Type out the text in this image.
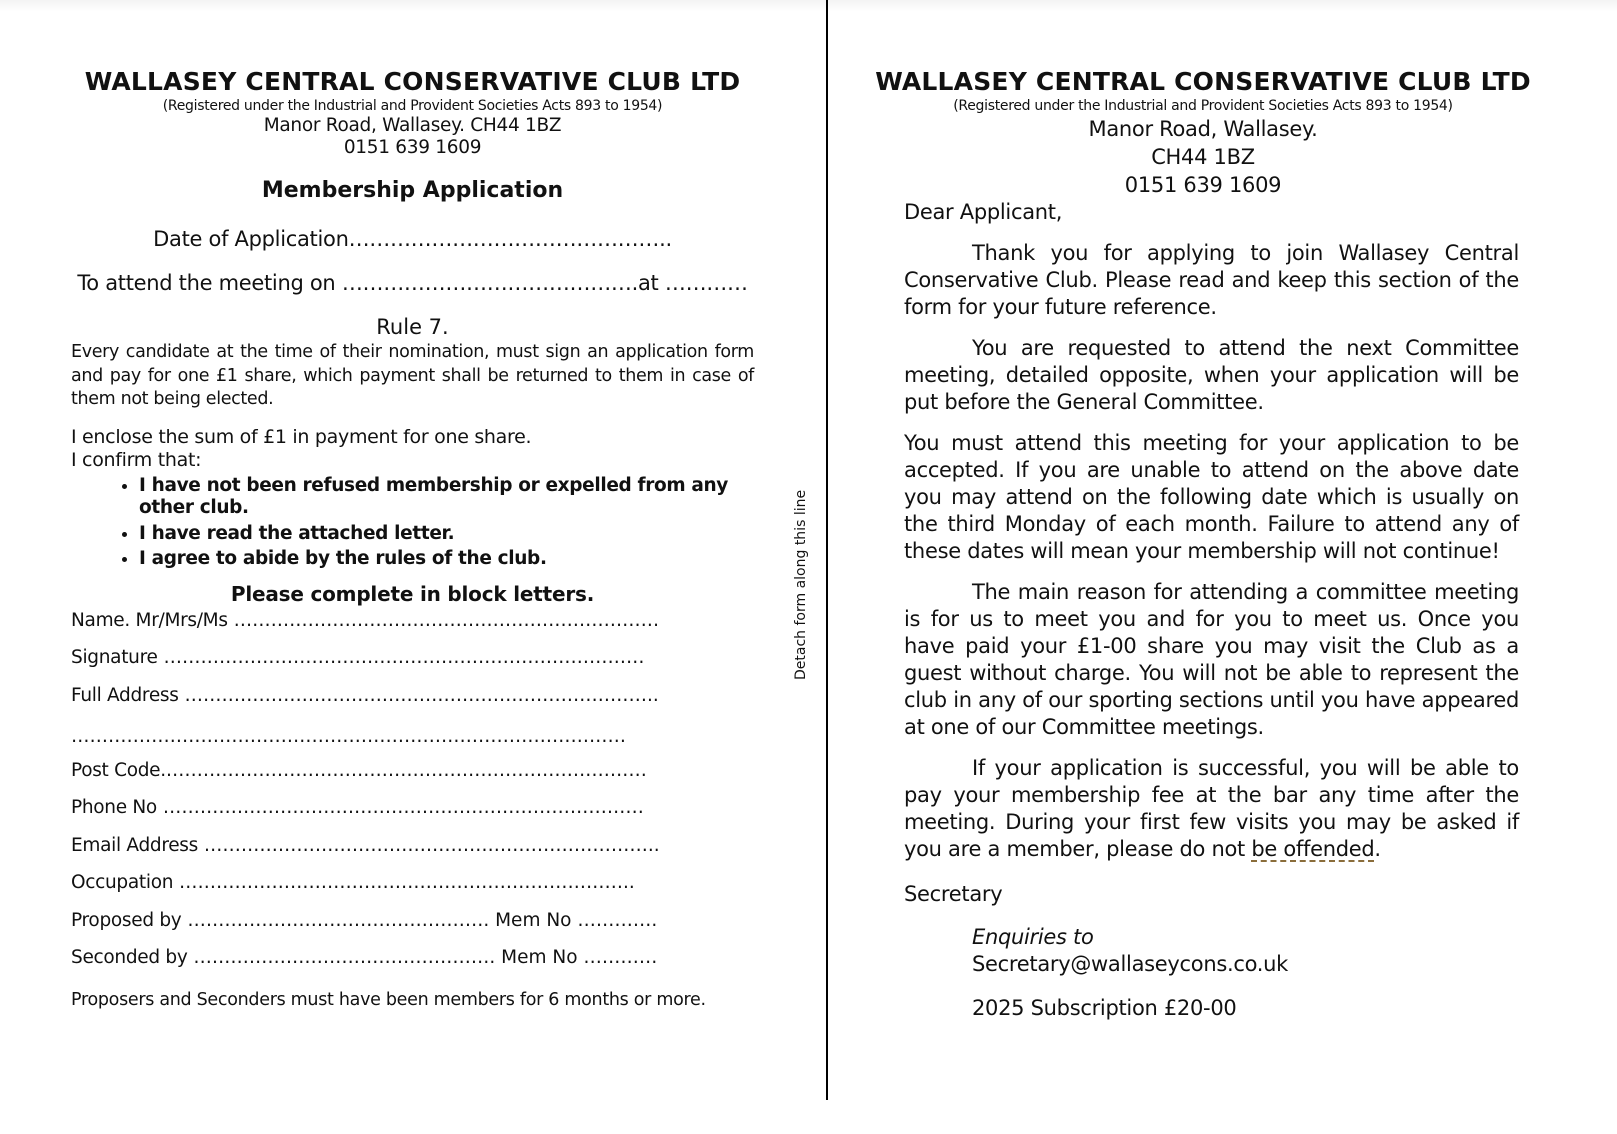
Detach form along this line
WALLASEY CENTRAL CONSERVATIVE CLUB LTD
(Registered under the Industrial and Provident Societies Acts 893 to 1954)
Manor Road, Wallasey. CH44 1BZ
0151 639 1609
Membership Application
Date of Application………………………………………..
To attend the meeting on …………………………………….at …………
Rule 7.
Every candidate at the time of their nomination, must sign an application form and pay for one £1 share, which payment shall be returned to them in case of them not being elected.
I enclose the sum of £1 in payment for one share.
I confirm that:
• I have not been refused membership or expelled from any other club.
• I have read the attached letter.
• I agree to abide by the rules of the club.
Please complete in block letters.
Name. Mr/Mrs/Ms ……………………………………………………………
Signature ……………………………………………………………………
Full Address …………………………………………………………………..
………………………………………………………………………………
Post Code.……………………………………………………………………
Phone No ……………………………………………………………………
Email Address ………………………………………………………………..
Occupation ………………………………………………………………..
Proposed by …………………………………………. Mem No ………….
Seconded by …………………………………………. Mem No …………
Proposers and Seconders must have been members for 6 months or more.
WALLASEY CENTRAL CONSERVATIVE CLUB LTD
(Registered under the Industrial and Provident Societies Acts 893 to 1954)
Manor Road, Wallasey.
CH44 1BZ
0151 639 1609

Dear Applicant,

Thank you for applying to join Wallasey Central Conservative Club. Please read and keep this section of the form for your future reference.

You are requested to attend the next Committee meeting, detailed opposite, when your application will be put before the General Committee.

You must attend this meeting for your application to be accepted. If you are unable to attend on the above date you may attend on the following date which is usually on the third Monday of each month. Failure to attend any of these dates will mean your membership will not continue!

The main reason for attending a committee meeting is for us to meet you and for you to meet us. Once you have paid your £1-00 share you may visit the Club as a guest without charge. You will not be able to represent the club in any of our sporting sections until you have appeared at one of our Committee meetings.

If your application is successful, you will be able to pay your membership fee at the bar any time after the meeting. During your first few visits you may be asked if you are a member, please do not be offended.

Secretary

Enquiries to
Secretary@wallaseycons.co.uk
2025 Subscription £20-00
